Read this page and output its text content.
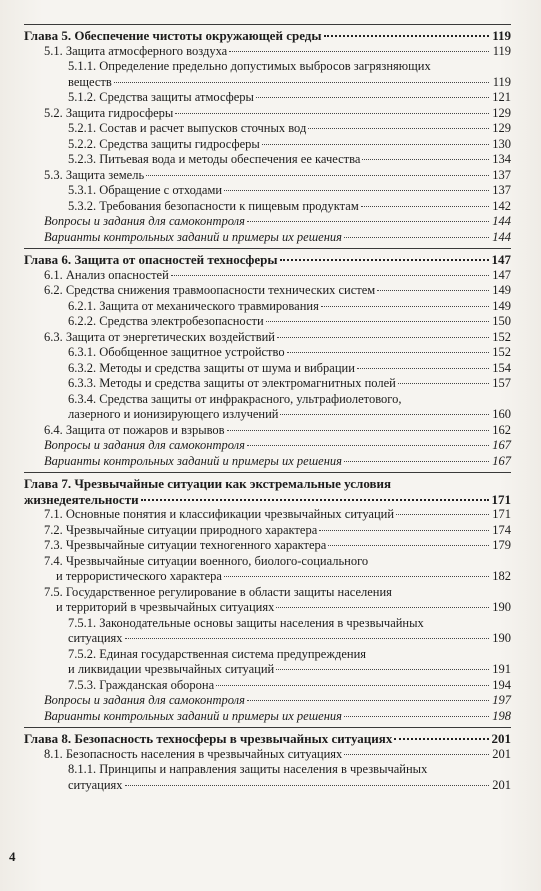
Глава 5. Обеспечение чистоты окружающей среды	119
5.1. Защита атмосферного воздуха	119
5.1.1. Определение предельно допустимых выбросов загрязняющих
веществ	119
5.1.2. Средства защиты атмосферы	121
5.2. Защита гидросферы	129
5.2.1. Состав и расчет выпусков сточных вод	129
5.2.2. Средства защиты гидросферы	130
5.2.3. Питьевая вода и методы обеспечения ее качества	134
5.3. Защита земель	137
5.3.1. Обращение с отходами	137
5.3.2. Требования безопасности к пищевым продуктам	142
Вопросы и задания для самоконтроля	144
Варианты контрольных заданий и примеры их решения	144
Глава 6. Защита от опасностей техносферы	147
6.1. Анализ опасностей	147
6.2. Средства снижения травмоопасности технических систем	149
6.2.1. Защита от механического травмирования	149
6.2.2. Средства электробезопасности	150
6.3. Защита от энергетических воздействий	152
6.3.1. Обобщенное защитное устройство	152
6.3.2. Методы и средства защиты от шума и вибрации	154
6.3.3. Методы и средства защиты от электромагнитных полей	157
6.3.4. Средства защиты от инфракрасного, ультрафиолетового,
лазерного и ионизирующего излучений	160
6.4. Защита от пожаров и взрывов	162
Вопросы и задания для самоконтроля	167
Варианты контрольных заданий и примеры их решения	167
Глава 7. Чрезвычайные ситуации как экстремальные условия
жизнедеятельности	171
7.1. Основные понятия и классификации чрезвычайных ситуаций	171
7.2. Чрезвычайные ситуации природного характера	174
7.3. Чрезвычайные ситуации техногенного характера	179
7.4. Чрезвычайные ситуации военного, биолого-социального
и террористического характера	182
7.5. Государственное регулирование в области защиты населения
и территорий в чрезвычайных ситуациях	190
7.5.1. Законодательные основы защиты населения в чрезвычайных
ситуациях	190
7.5.2. Единая государственная система предупреждения
и ликвидации чрезвычайных ситуаций	191
7.5.3. Гражданская оборона	194
Вопросы и задания для самоконтроля	197
Варианты контрольных заданий и примеры их решения	198
Глава 8. Безопасность техносферы в чрезвычайных ситуациях	201
8.1. Безопасность населения в чрезвычайных ситуациях	201
8.1.1. Принципы и направления защиты населения в чрезвычайных
ситуациях	201
4
